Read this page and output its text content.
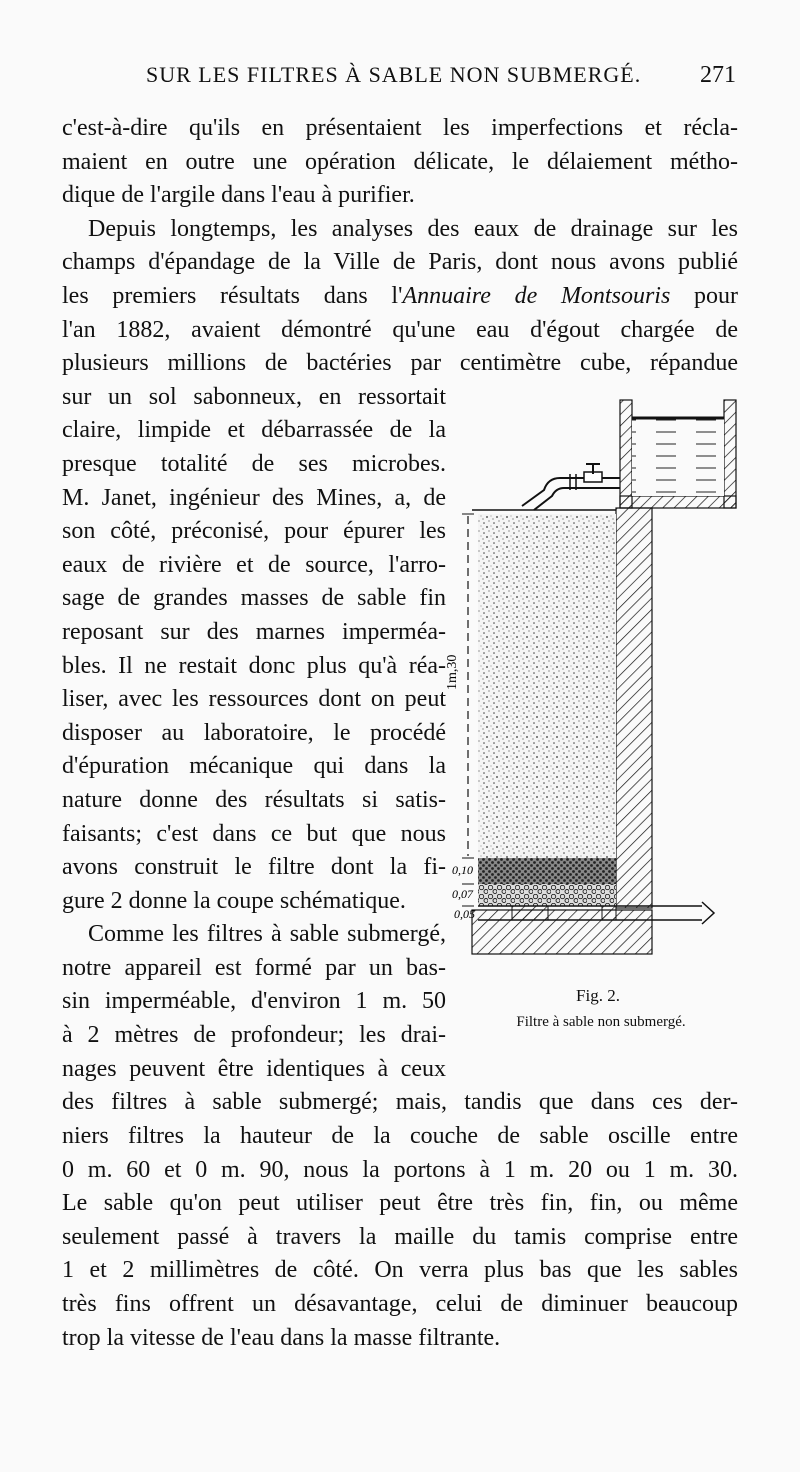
SUR LES FILTRES À SABLE NON SUBMERGÉ. 271
c'est-à-dire qu'ils en présentaient les imperfections et récla-
maient en outre une opération délicate, le délaiement métho-
dique de l'argile dans l'eau à purifier.
Depuis longtemps, les analyses des eaux de drainage sur les
champs d'épandage de la Ville de Paris, dont nous avons publié
les premiers résultats dans l'Annuaire de Montsouris pour
l'an 1882, avaient démontré qu'une eau d'égout chargée de
plusieurs millions de bactéries par centimètre cube, répandue
sur un sol sabonneux, en ressortait
claire, limpide et débarrassée de la
presque totalité de ses microbes.
M. Janet, ingénieur des Mines, a, de
son côté, préconisé, pour épurer les
eaux de rivière et de source, l'arro-
sage de grandes masses de sable fin
reposant sur des marnes imperméa-
bles. Il ne restait donc plus qu'à réa-
liser, avec les ressources dont on peut
disposer au laboratoire, le procédé
d'épuration mécanique qui dans la
nature donne des résultats si satis-
faisants; c'est dans ce but que nous
avons construit le filtre dont la fi-
gure 2 donne la coupe schématique.
Comme les filtres à sable submergé,
notre appareil est formé par un bas-
sin imperméable, d'environ 1 m. 50
à 2 mètres de profondeur; les drai-
nages peuvent être identiques à ceux
des filtres à sable submergé; mais, tandis que dans ces der-
niers filtres la hauteur de la couche de sable oscille entre
0 m. 60 et 0 m. 90, nous la portons à 1 m. 20 ou 1 m. 30.
Le sable qu'on peut utiliser peut être très fin, fin, ou même
seulement passé à travers la maille du tamis comprise entre
1 et 2 millimètres de côté. On verra plus bas que les sables
très fins offrent un désavantage, celui de diminuer beaucoup
trop la vitesse de l'eau dans la masse filtrante.
1m,30
0,10
0,07
0,05
Fig. 2.
Filtre à sable non submergé.
